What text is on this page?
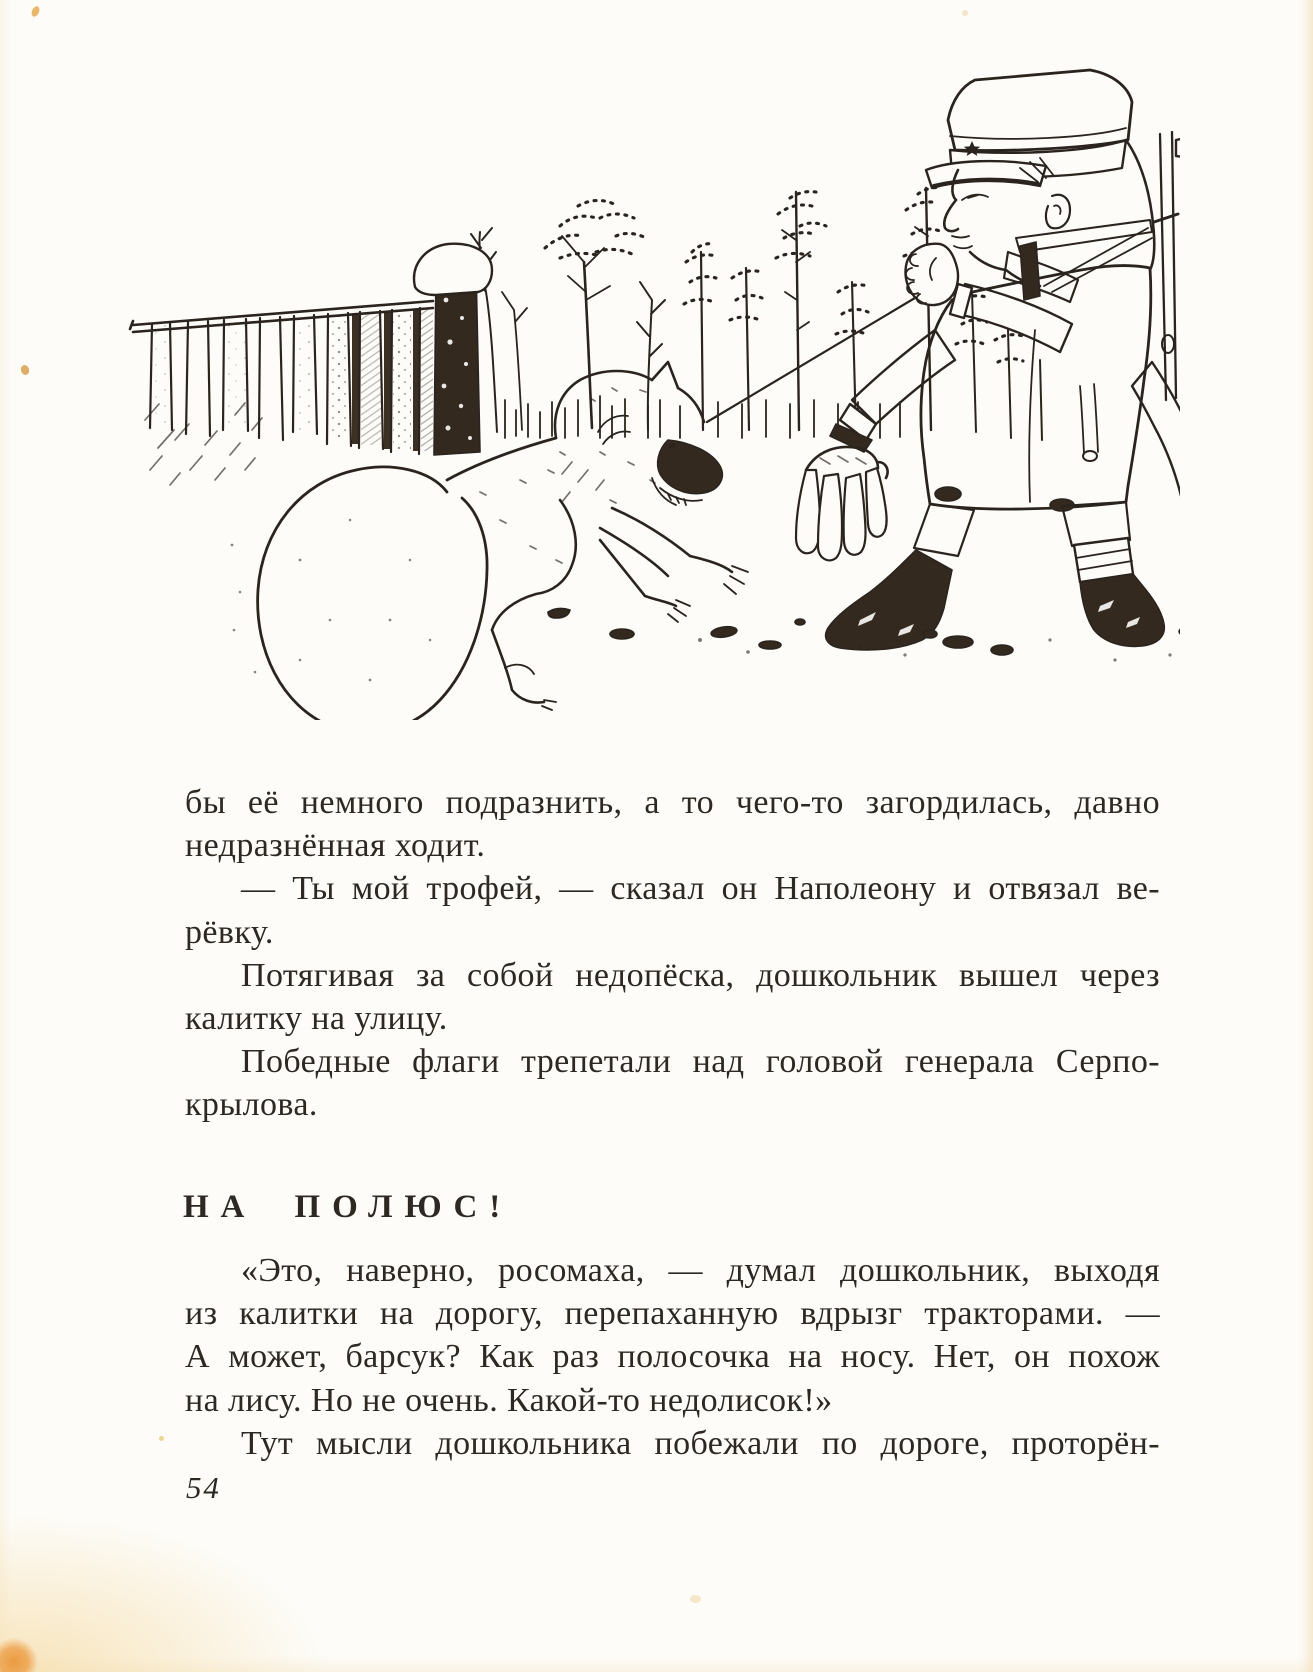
бы её немного подразнить, а то чего-то загордилась, давно
недразнённая ходит.
— Ты мой трофей, — сказал он Наполеону и отвязал ве-
рёвку.
Потягивая за собой недопёска, дошкольник вышел через
калитку на улицу.
Победные флаги трепетали над головой генерала Серпо-
крылова.
НА ПОЛЮС!
«Это, наверно, росомаха, — думал дошкольник, выходя
из калитки на дорогу, перепаханную вдрызг тракторами. —
А может, барсук? Как раз полосочка на носу. Нет, он похож
на лису. Но не очень. Какой-то недолисок!»
Тут мысли дошкольника побежали по дороге, проторён-
54
